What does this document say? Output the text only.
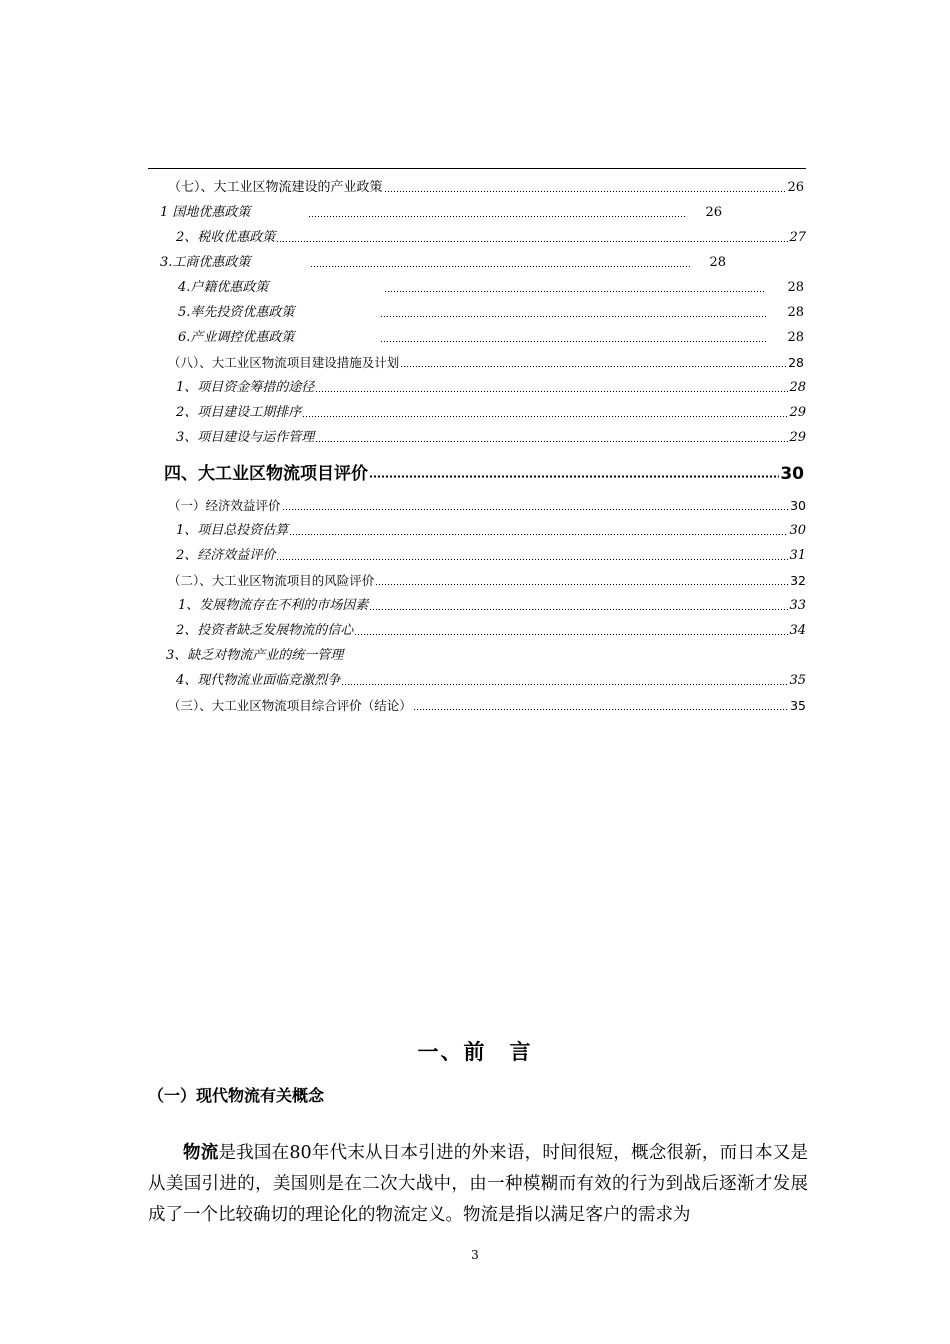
（七）、大工业区物流建设的产业政策	26
1 国地优惠政策	26
2、税收优惠政策	27
3.工商优惠政策	28
4.户籍优惠政策	28
5.率先投资优惠政策	28
6.产业调控优惠政策	28
（八）、大工业区物流项目建设措施及计划	28
1、项目资金筹措的途径	28
2、项目建设工期排序	29
3、项目建设与运作管理	29
四、大工业区物流项目评价	30
（一）经济效益评价	30
1、项目总投资估算	30
2、经济效益评价	31
（二）、大工业区物流项目的风险评价	32
1、发展物流存在不利的市场因素	33
2、投资者缺乏发展物流的信心	34
3、缺乏对物流产业的统一管理
4、现代物流业面临竞激烈争	35
（三）、大工业区物流项目综合评价（结论）	35
一、前　言
（一）现代物流有关概念
物流是我国在80年代末从日本引进的外来语，时间很短，概念很新，而日本又是从美国引进的，美国则是在二次大战中，由一种模糊而有效的行为到战后逐渐才发展成了一个比较确切的理论化的物流定义。物流是指以满足客户的需求为
3
